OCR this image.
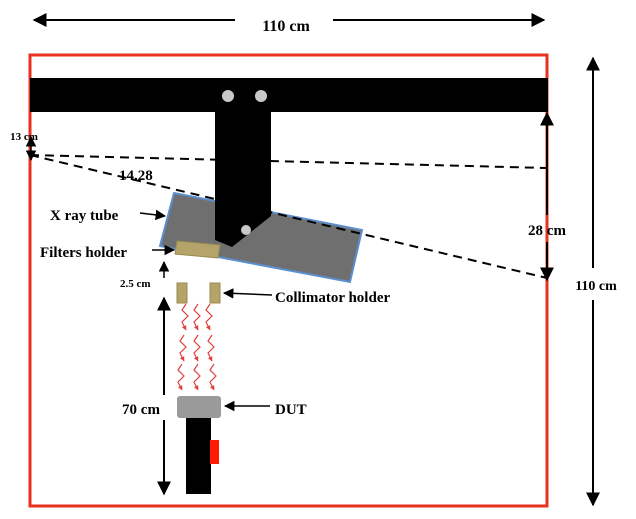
110 cm
110 cm
13 cm
14.28
28 cm
X ray tube
Filters holder
2.5 cm
Collimator holder
DUT
70 cm
